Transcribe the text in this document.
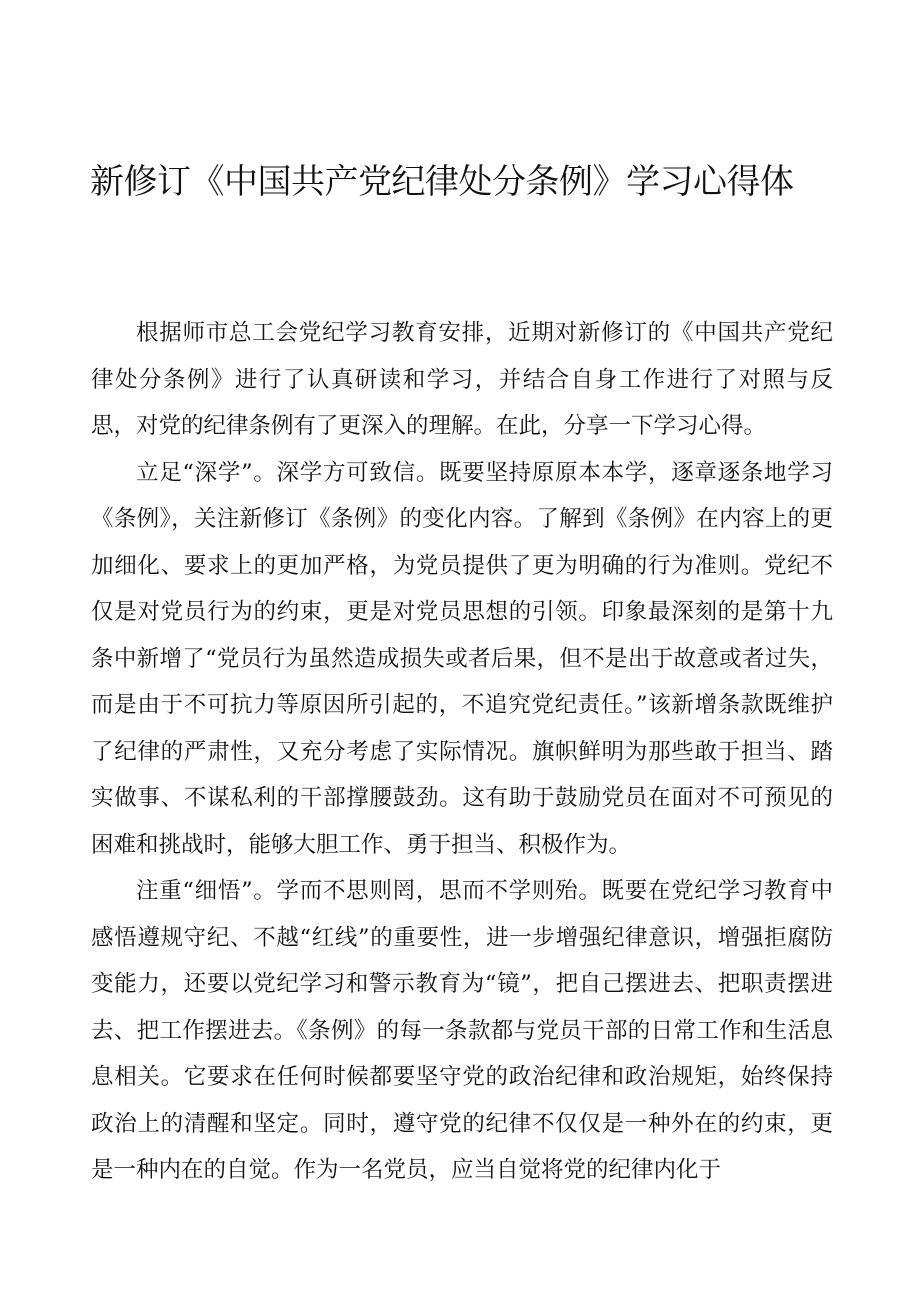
新修订《中国共产党纪律处分条例》学习心得体

根据师市总工会党纪学习教育安排，近期对新修订的《中国共产党纪律处分条例》进行了认真研读和学习，并结合自身工作进行了对照与反思，对党的纪律条例有了更深入的理解。在此，分享一下学习心得。

立足“深学”。深学方可致信。既要坚持原原本本学，逐章逐条地学习《条例》，关注新修订《条例》的变化内容。了解到《条例》在内容上的更加细化、要求上的更加严格，为党员提供了更为明确的行为准则。党纪不仅是对党员行为的约束，更是对党员思想的引领。印象最深刻的是第十九条中新增了“党员行为虽然造成损失或者后果，但不是出于故意或者过失，而是由于不可抗力等原因所引起的，不追究党纪责任。”该新增条款既维护了纪律的严肃性，又充分考虑了实际情况。旗帜鲜明为那些敢于担当、踏实做事、不谋私利的干部撑腰鼓劲。这有助于鼓励党员在面对不可预见的困难和挑战时，能够大胆工作、勇于担当、积极作为。

注重“细悟”。学而不思则罔，思而不学则殆。既要在党纪学习教育中感悟遵规守纪、不越“红线”的重要性，进一步增强纪律意识，增强拒腐防变能力，还要以党纪学习和警示教育为“镜”，把自己摆进去、把职责摆进去、把工作摆进去。《条例》的每一条款都与党员干部的日常工作和生活息息相关。它要求在任何时候都要坚守党的政治纪律和政治规矩，始终保持政治上的清醒和坚定。同时，遵守党的纪律不仅仅是一种外在的约束，更是一种内在的自觉。作为一名党员，应当自觉将党的纪律内化于
